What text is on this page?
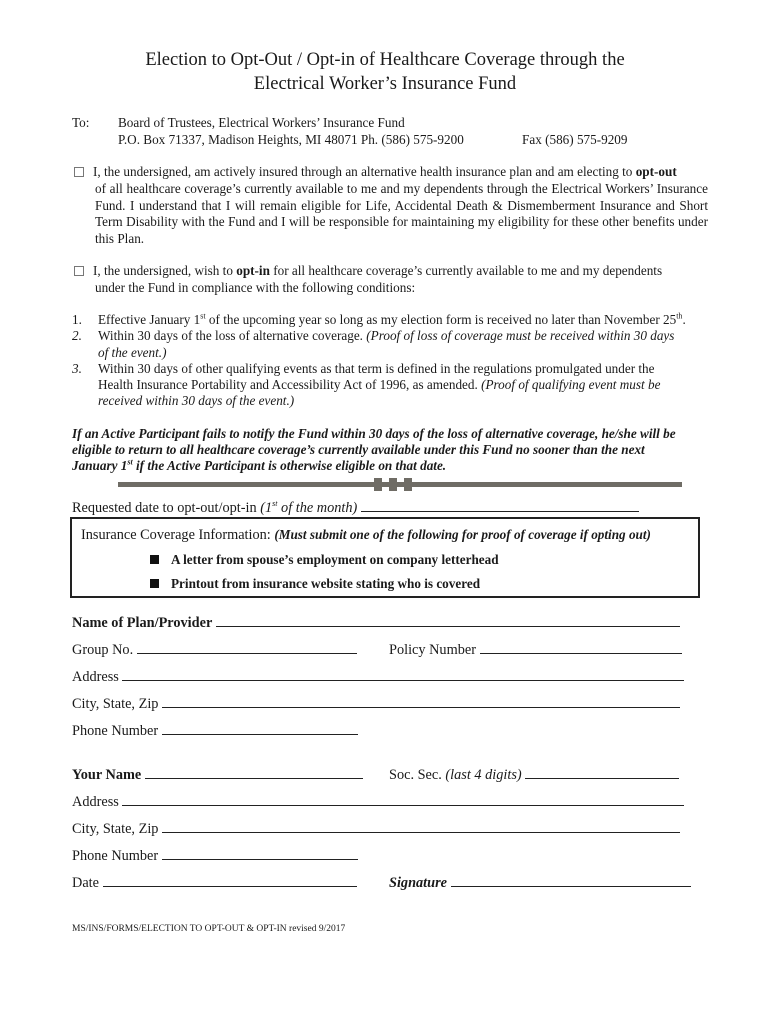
Election to Opt-Out / Opt-in of Healthcare Coverage through the
Electrical Worker’s Insurance Fund
To: Board of Trustees, Electrical Workers’ Insurance Fund
P.O. Box 71337, Madison Heights, MI 48071 Ph. (586) 575-9200	Fax (586) 575-9209
I, the undersigned, am actively insured through an alternative health insurance plan and am electing to opt-out
of all healthcare coverage’s currently available to me and my dependents through the Electrical Workers’ Insurance Fund. I understand that I will remain eligible for Life, Accidental Death & Dismemberment Insurance and Short Term Disability with the Fund and I will be responsible for maintaining my eligibility for these other benefits under this Plan.
I, the undersigned, wish to opt-in for all healthcare coverage’s currently available to me and my dependents
under the Fund in compliance with the following conditions:
1. Effective January 1st of the upcoming year so long as my election form is received no later than November 25th.
2. Within 30 days of the loss of alternative coverage. (Proof of loss of coverage must be received within 30 days
of the event.)
3. Within 30 days of other qualifying events as that term is defined in the regulations promulgated under the
Health Insurance Portability and Accessibility Act of 1996, as amended. (Proof of qualifying event must be
received within 30 days of the event.)
If an Active Participant fails to notify the Fund within 30 days of the loss of alternative coverage, he/she will be
eligible to return to all healthcare coverage’s currently available under this Fund no sooner than the next
January 1st if the Active Participant is otherwise eligible on that date.
Requested date to opt-out/opt-in (1st of the month)
Insurance Coverage Information: (Must submit one of the following for proof of coverage if opting out)
A letter from spouse’s employment on company letterhead
Printout from insurance website stating who is covered
Name of Plan/Provider
Group No.	Policy Number
Address
City, State, Zip
Phone Number
Your Name	Soc. Sec. (last 4 digits)
Address
City, State, Zip
Phone Number
Date	Signature
MS/INS/FORMS/ELECTION TO OPT-OUT & OPT-IN revised 9/2017
